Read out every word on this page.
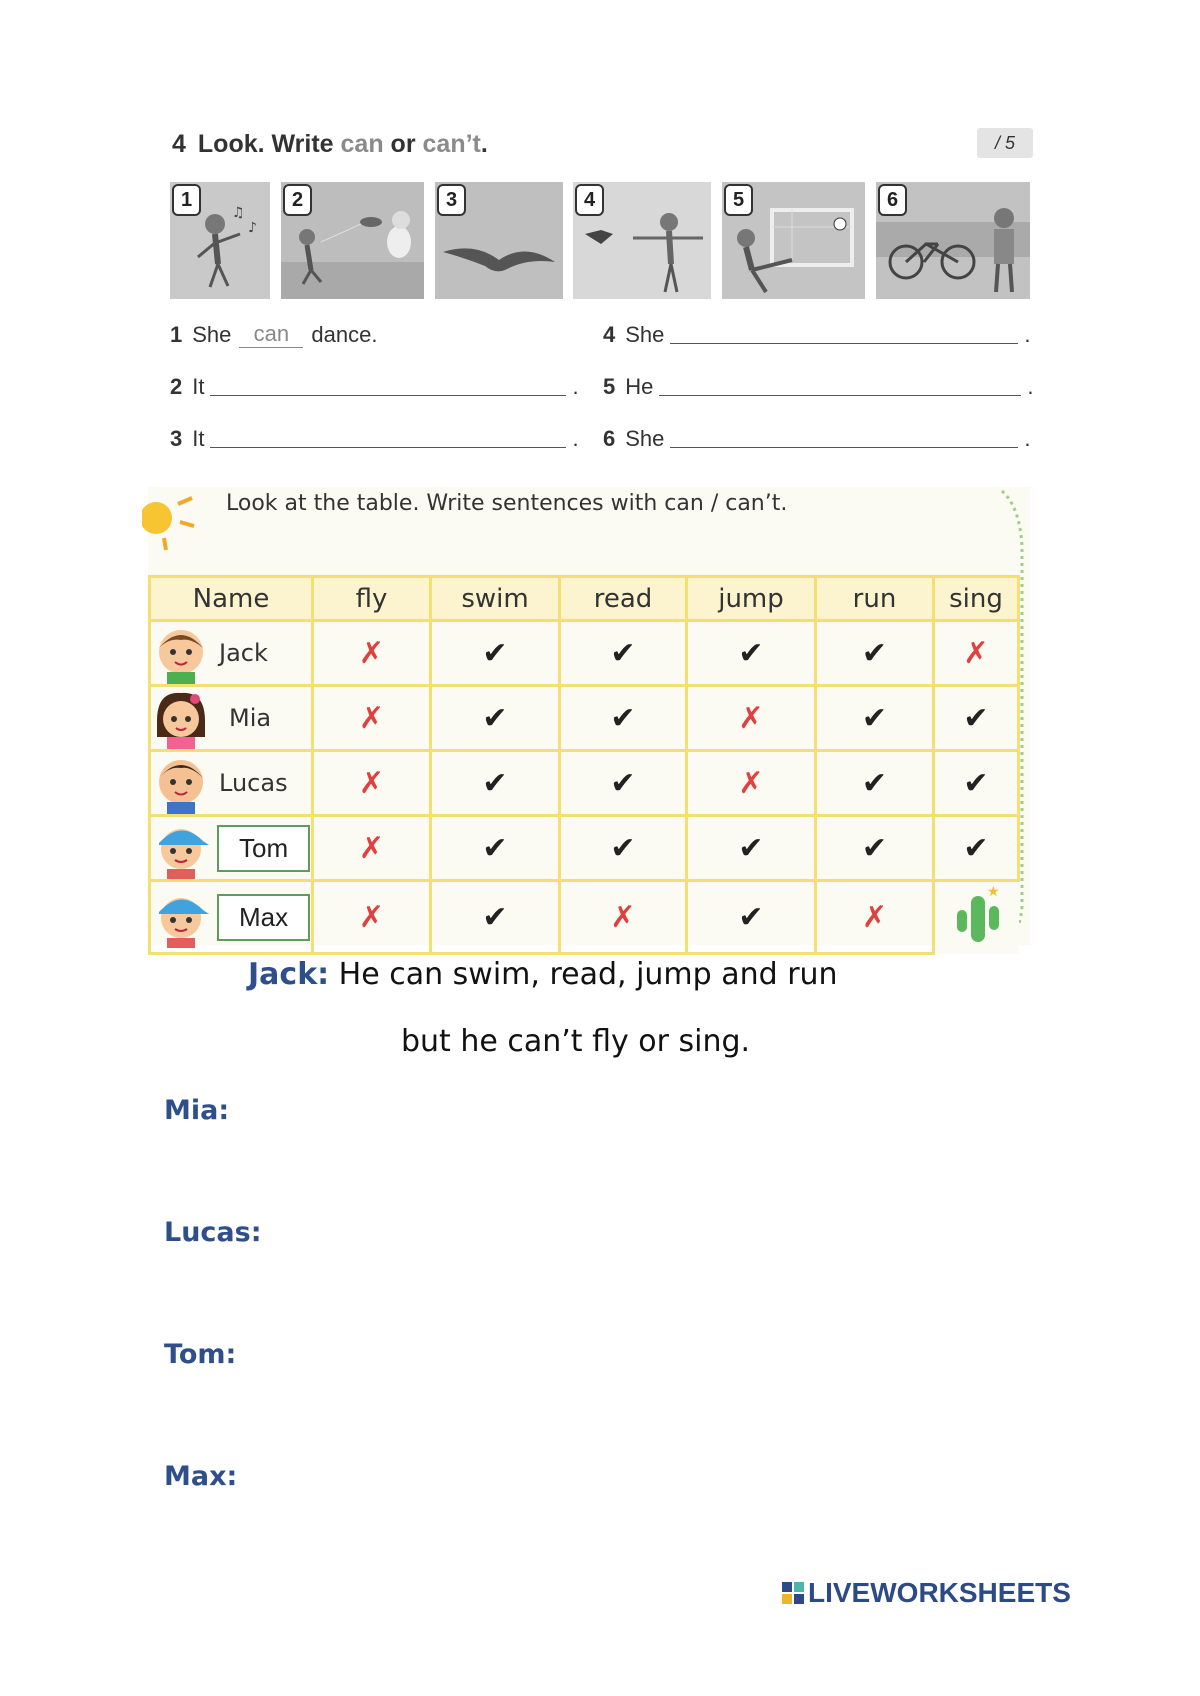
4 Look. Write can or can’t.	/ 5
♫
♪
1	2	3	4	5	6
1 She	can	dance.
2 It	.
3 It	.
4 She	.
5 He	.
6 She	.
Look at the table. Write sentences with can / can’t.
Name	fly	swim	read	jump	run	sing

Jack	✗	✔	✔	✔	✔	✗

Mia	✗	✔	✔	✗	✔	✔

Lucas	✗	✔	✔	✗	✔	✔

Tom	✗	✔	✔	✔	✔	✔

Max	✗	✔	✗	✔	✗	★
Jack: He can swim, read, jump and run
but he can’t fly or sing.
Mia:
Lucas:
Tom:
Max:
LIVEWORKSHEETS
